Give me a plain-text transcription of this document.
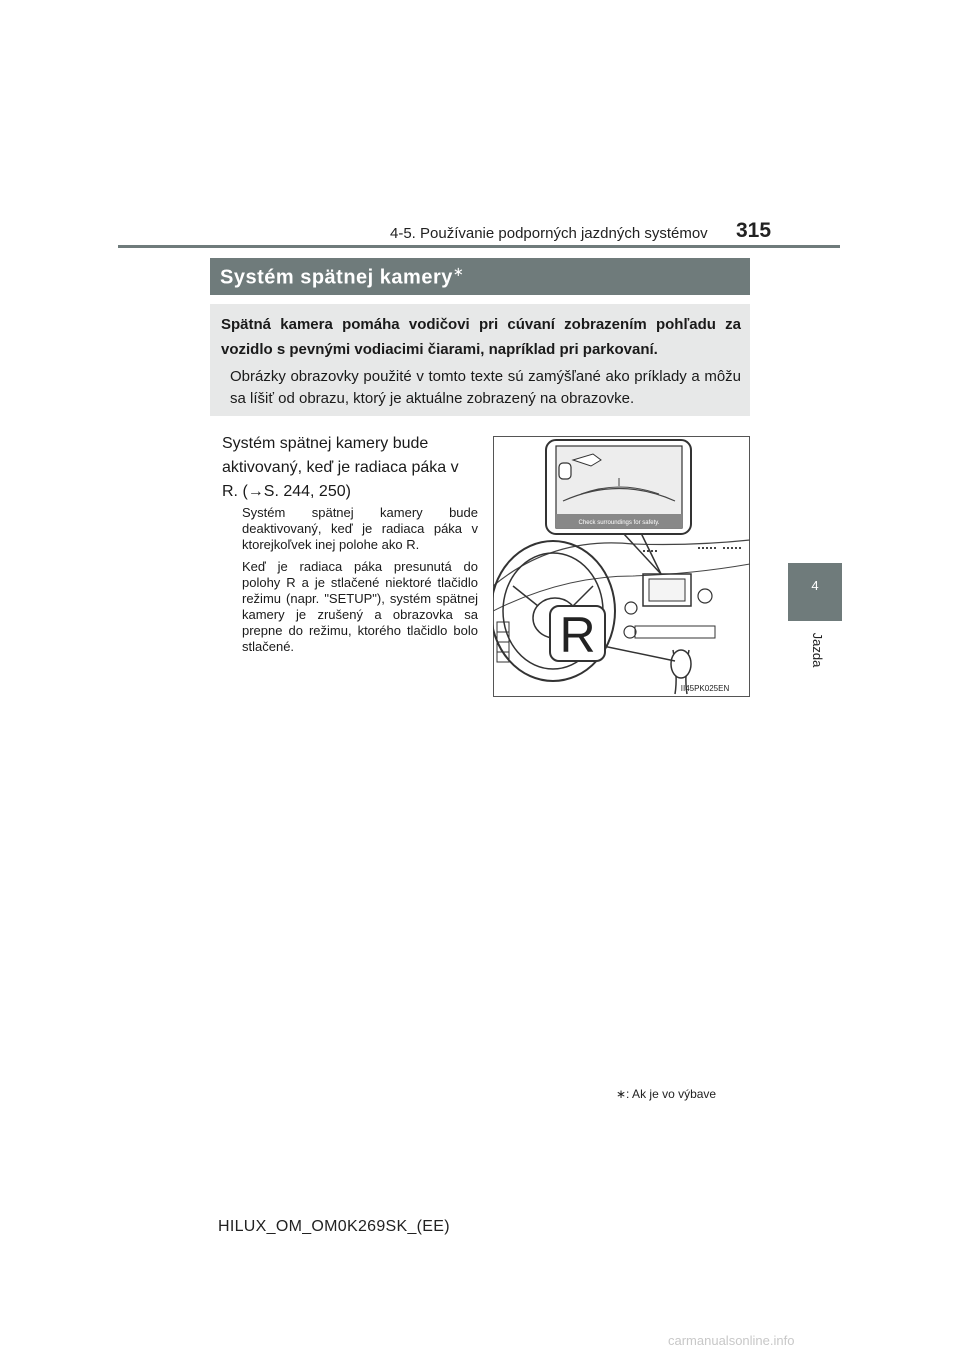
4-5. Používanie podporných jazdných systémov 315
4
Jazda
Systém spätnej kamery∗
Spätná kamera pomáha vodičovi pri cúvaní zobrazením pohľadu za vozidlo s pevnými vodiacimi čiarami, napríklad pri parkovaní.
Obrázky obrazovky použité v tomto texte sú zamýšľané ako príklady a môžu sa líšiť od obrazu, ktorý je aktuálne zobrazený na obrazovke.
Systém spätnej kamery bude aktivovaný, keď je radiaca páka v R. (→S. 244, 250)
Systém spätnej kamery bude deaktivovaný, keď je radiaca páka v ktorejkoľvek inej polohe ako R.
Keď je radiaca páka presunutá do polohy R a je stlačené niektoré tlačidlo režimu (napr. "SETUP"), systém spätnej kamery je zrušený a obrazovka sa prepne do režimu, ktorého tlačidlo bolo stlačené.	R
Check surroundings for safety.
II45PK025EN
∗: Ak je vo výbave
HILUX_OM_OM0K269SK_(EE)
carmanualsonline.info
